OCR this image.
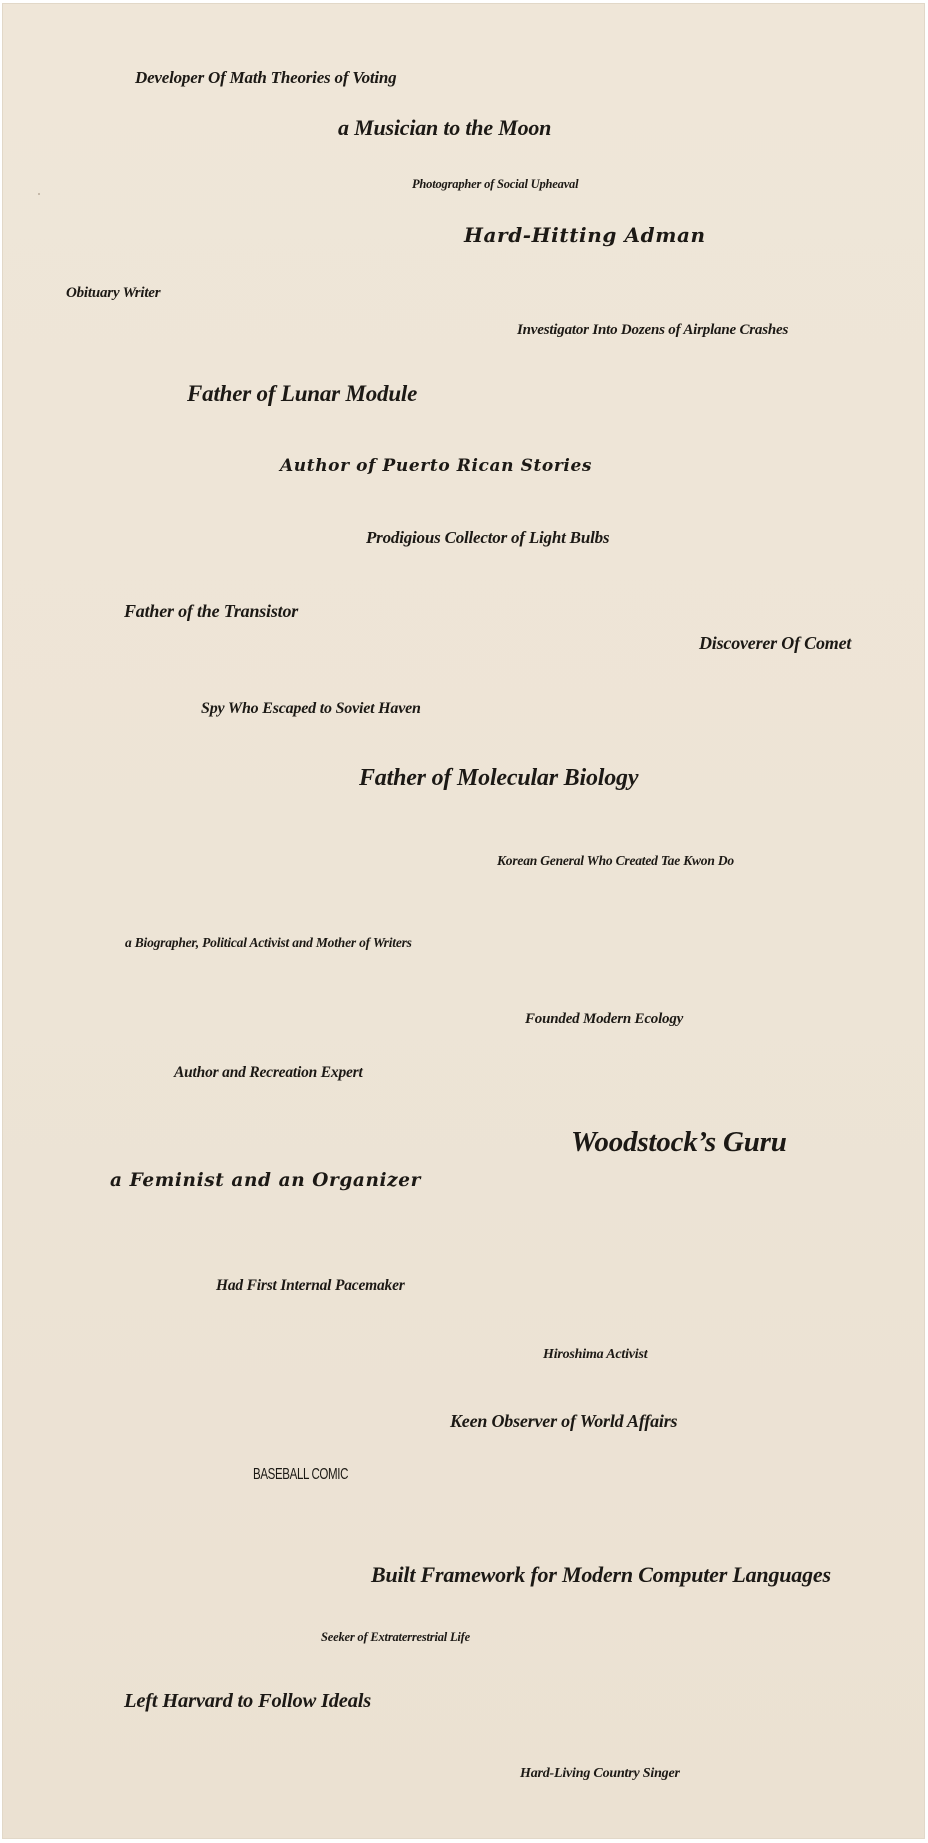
Developer Of Math Theories of Voting

a Musician to the Moon

Photographer of Social Upheaval

Hard-Hitting Adman

Obituary Writer

Investigator Into Dozens of Airplane Crashes

Father of Lunar Module

Author of Puerto Rican Stories

Prodigious Collector of Light Bulbs

Father of the Transistor

Discoverer Of Comet

Spy Who Escaped to Soviet Haven

Father of Molecular Biology

Korean General Who Created Tae Kwon Do

a Biographer, Political Activist and Mother of Writers

Founded Modern Ecology

Author and Recreation Expert

Woodstock’s Guru

a Feminist and an Organizer

Had First Internal Pacemaker

Hiroshima Activist

Keen Observer of World Affairs

BASEBALL COMIC

Built Framework for Modern Computer Languages

Seeker of Extraterrestrial Life

Left Harvard to Follow Ideals

Hard-Living Country Singer
